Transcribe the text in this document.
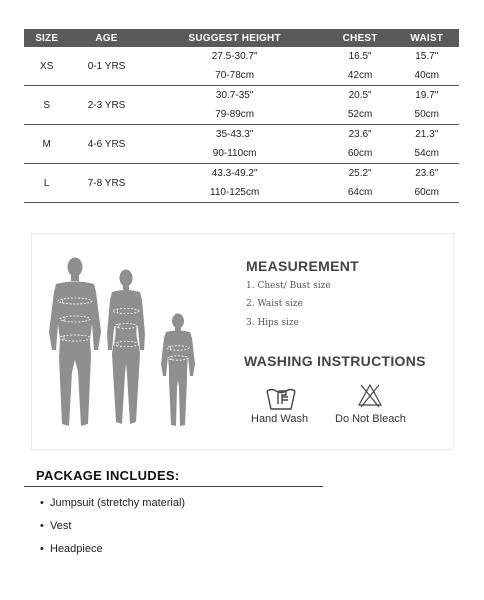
SIZE	AGE	SUGGEST HEIGHT	CHEST	WAIST
XS	0-1 YRS	27.5-30.7"	16.5"	15.7"
		70-78cm	42cm	40cm
S	2-3 YRS	30.7-35"	20.5"	19.7"
		79-89cm	52cm	50cm
M	4-6 YRS	35-43.3"	23.6"	21.3"
		90-110cm	60cm	54cm
L	7-8 YRS	43.3-49.2"	25.2"	23.6"
		110-125cm	64cm	60cm
1
2
3
1
2
3
1
2
MEASUREMENT
1. Chest/ Bust size
2. Waist size
3. Hips size
WASHING INSTRUCTIONS
Hand Wash Do Not Bleach
PACKAGE INCLUDES:
• Jumpsuit (stretchy material)
• Vest
• Headpiece
